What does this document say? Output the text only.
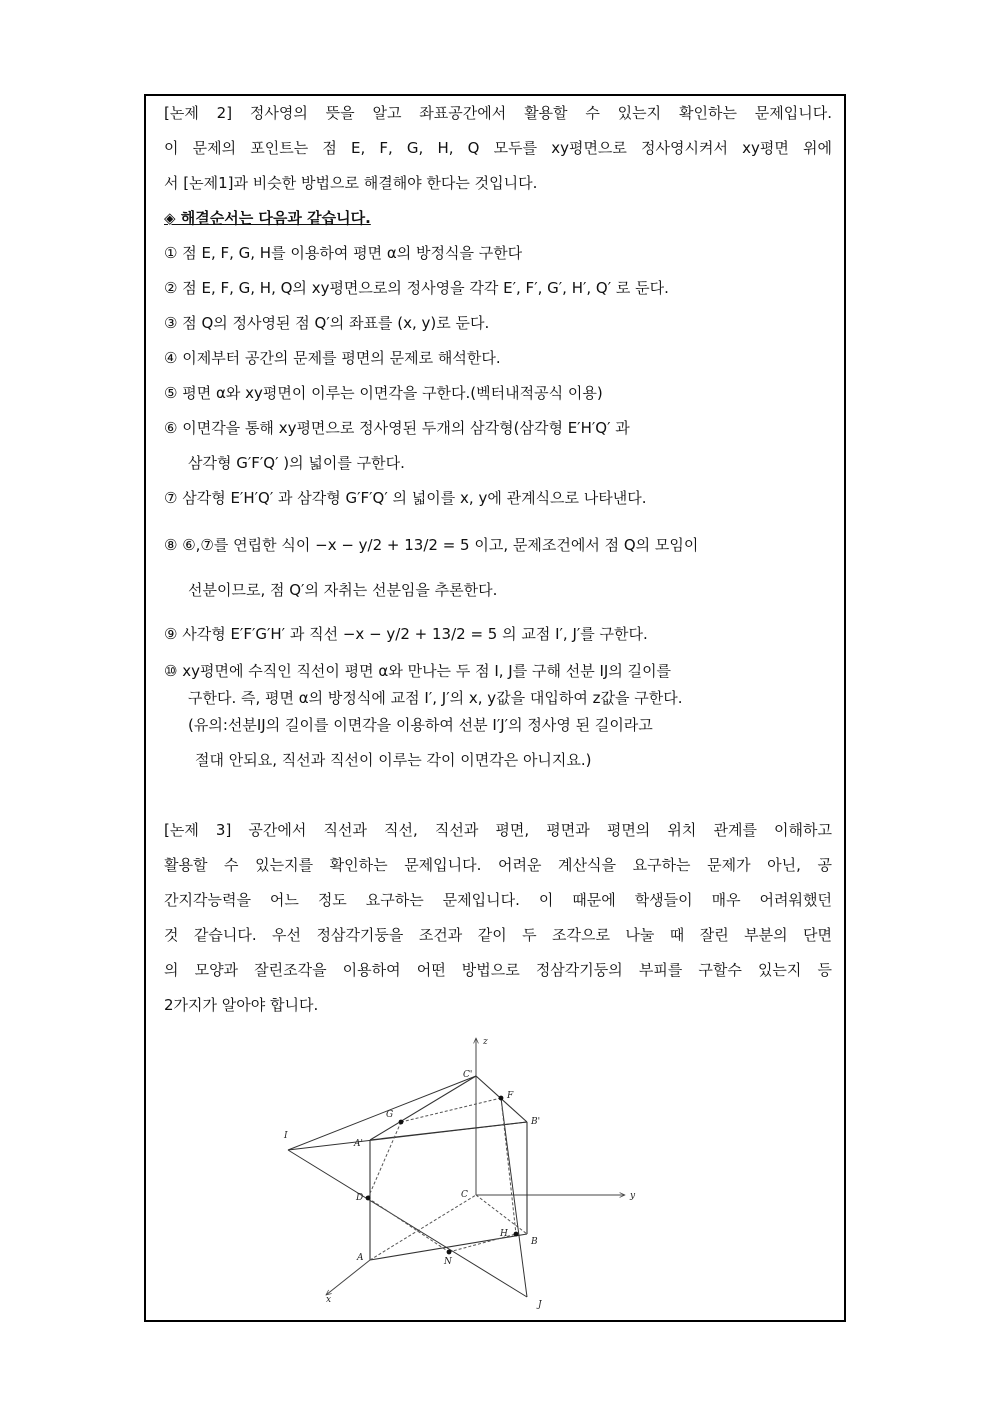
[논제 2] 정사영의 뜻을 알고 좌표공간에서 활용할 수 있는지 확인하는 문제입니다.
이 문제의 포인트는 점 E, F, G, H, Q 모두를 xy평면으로 정사영시켜서 xy평면 위에
서 [논제1]과 비슷한 방법으로 해결해야 한다는 것입니다.
◈ 해결순서는 다음과 같습니다.
① 점 E, F, G, H를 이용하여 평면 α의 방정식을 구한다
② 점 E, F, G, H, Q의 xy평면으로의 정사영을 각각 E′, F′, G′, H′, Q′ 로 둔다.
③ 점 Q의 정사영된 점 Q′의 좌표를 (x, y)로 둔다.
④ 이제부터 공간의 문제를 평면의 문제로 해석한다.
⑤ 평면 α와 xy평면이 이루는 이면각을 구한다.(벡터내적공식 이용)
⑥ 이면각을 통해 xy평면으로 정사영된 두개의 삼각형(삼각형 E′H′Q′ 과
삼각형 G′F′Q′ )의 넓이를 구한다.
⑦ 삼각형 E′H′Q′ 과 삼각형 G′F′Q′ 의 넓이를 x, y에 관계식으로 나타낸다.
⑧ ⑥,⑦를 연립한 식이 −x − y/2 + 13/2 = 5 이고, 문제조건에서 점 Q의 모임이
선분이므로, 점 Q′의 자취는 선분임을 추론한다.
⑨ 사각형 E′F′G′H′ 과 직선 −x − y/2 + 13/2 = 5 의 교점 I′, J′를 구한다.
⑩ xy평면에 수직인 직선이 평면 α와 만나는 두 점 I, J를 구해 선분 IJ의 길이를
구한다. 즉, 평면 α의 방정식에 교점 I′, J′의 x, y값을 대입하여 z값을 구한다.
(유의:선분IJ의 길이를 이면각을 이용하여 선분 I′J′의 정사영 된 길이라고
절대 안되요, 직선과 직선이 이루는 각이 이면각은 아니지요.)
[논제 3] 공간에서 직선과 직선, 직선과 평면, 평면과 평면의 위치 관계를 이해하고
활용할 수 있는지를 확인하는 문제입니다. 어려운 계산식을 요구하는 문제가 아닌, 공
간지각능력을 어느 정도 요구하는 문제입니다. 이 때문에 학생들이 매우 어려워했던
것 같습니다. 우선 정삼각기둥을 조건과 같이 두 조각으로 나눌 때 잘린 부분의 단면
의 모양과 잘린조각을 이용하여 어떤 방법으로 정삼각기둥의 부피를 구할수 있는지 등
2가지가 알아야 합니다.
z
C'
F
G
B'
I
A'
C	y
D
H
B
A	N
x	J
